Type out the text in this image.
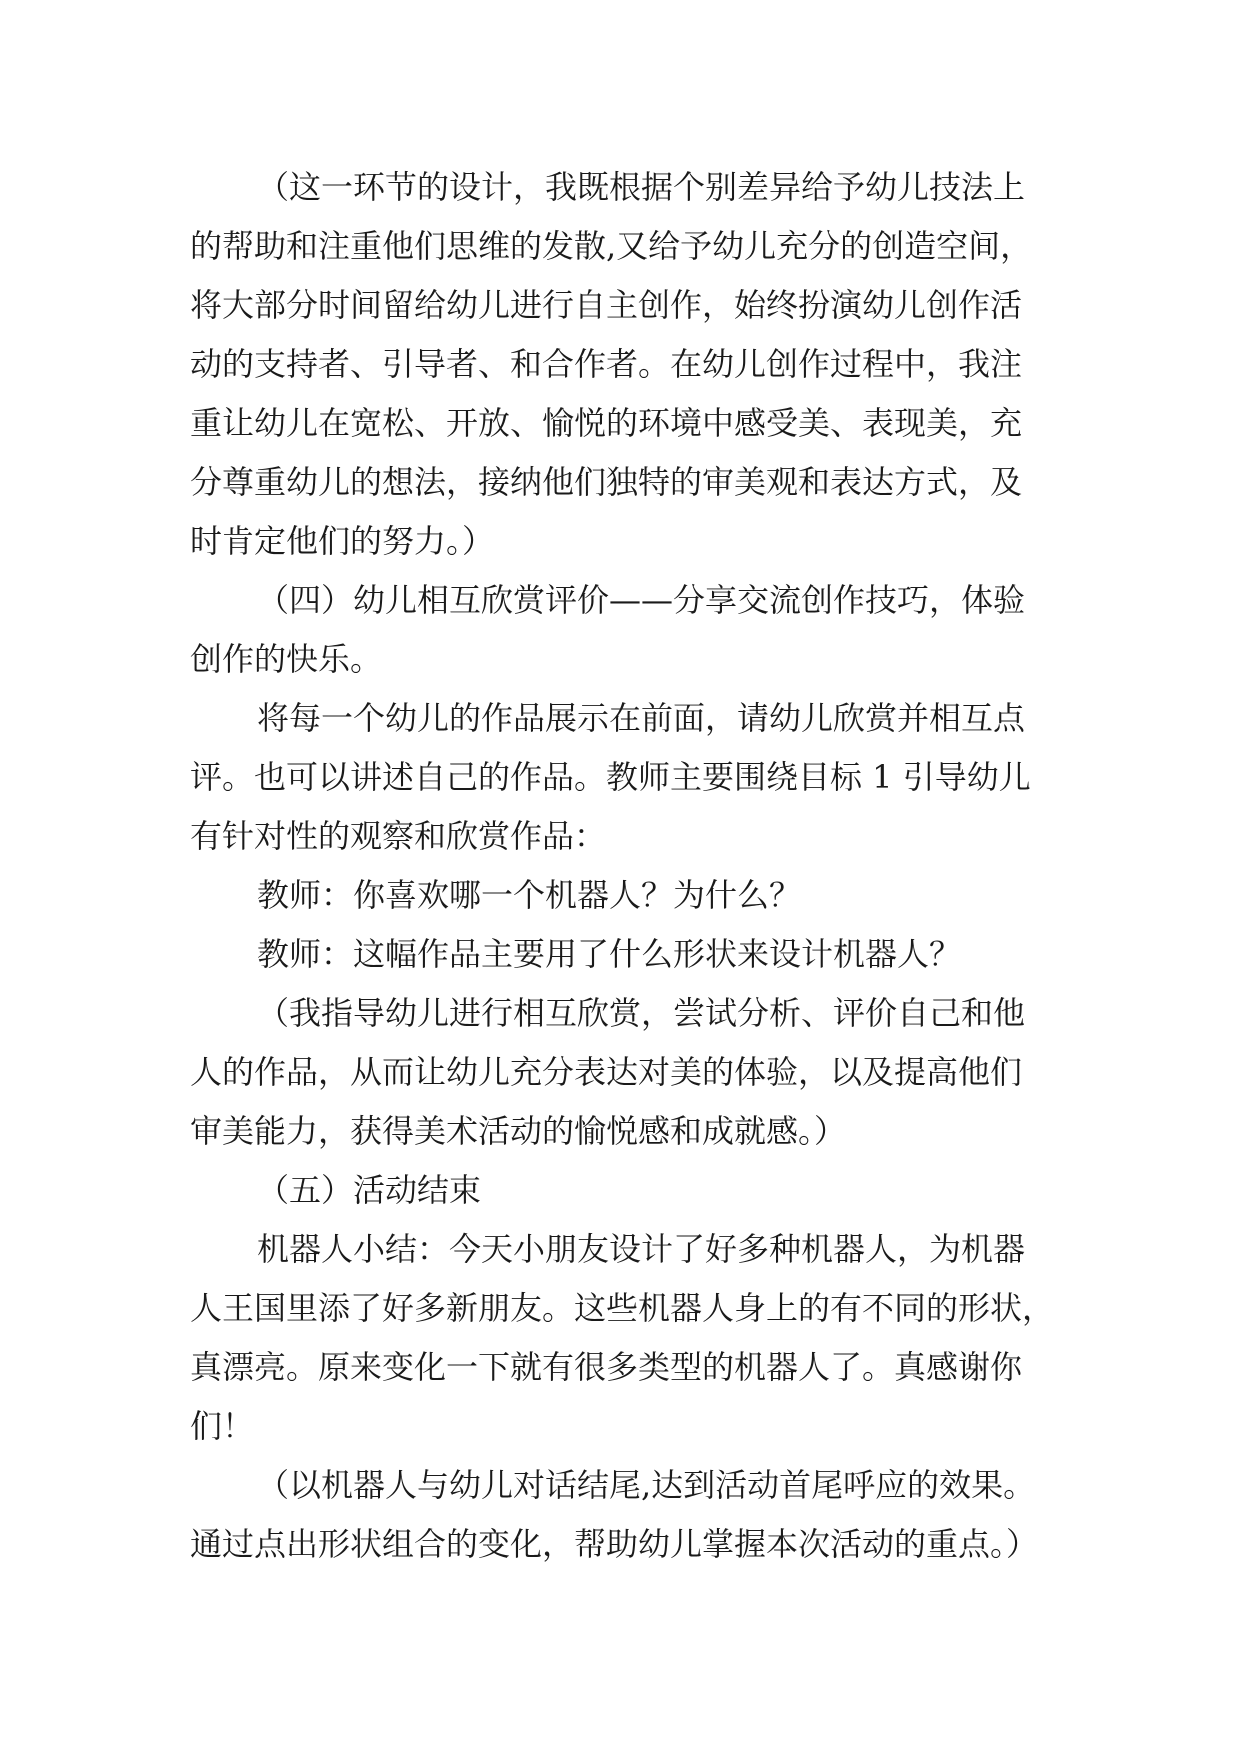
（这一环节的设计，我既根据个别差异给予幼儿技法上
的帮助和注重他们思维的发散,又给予幼儿充分的创造空间，
将大部分时间留给幼儿进行自主创作，始终扮演幼儿创作活
动的支持者、引导者、和合作者。在幼儿创作过程中，我注
重让幼儿在宽松、开放、愉悦的环境中感受美、表现美，充
分尊重幼儿的想法，接纳他们独特的审美观和表达方式，及
时肯定他们的努力。）
（四）幼儿相互欣赏评价——分享交流创作技巧，体验
创作的快乐。
将每一个幼儿的作品展示在前面，请幼儿欣赏并相互点
评。也可以讲述自己的作品。教师主要围绕目标 1 引导幼儿
有针对性的观察和欣赏作品：
教师：你喜欢哪一个机器人？为什么？
教师：这幅作品主要用了什么形状来设计机器人？
（我指导幼儿进行相互欣赏，尝试分析、评价自己和他
人的作品，从而让幼儿充分表达对美的体验，以及提高他们
审美能力，获得美术活动的愉悦感和成就感。）
（五）活动结束
机器人小结：今天小朋友设计了好多种机器人，为机器
人王国里添了好多新朋友。这些机器人身上的有不同的形状，
真漂亮。原来变化一下就有很多类型的机器人了。真感谢你
们！
（以机器人与幼儿对话结尾,达到活动首尾呼应的效果。
通过点出形状组合的变化，帮助幼儿掌握本次活动的重点。）
